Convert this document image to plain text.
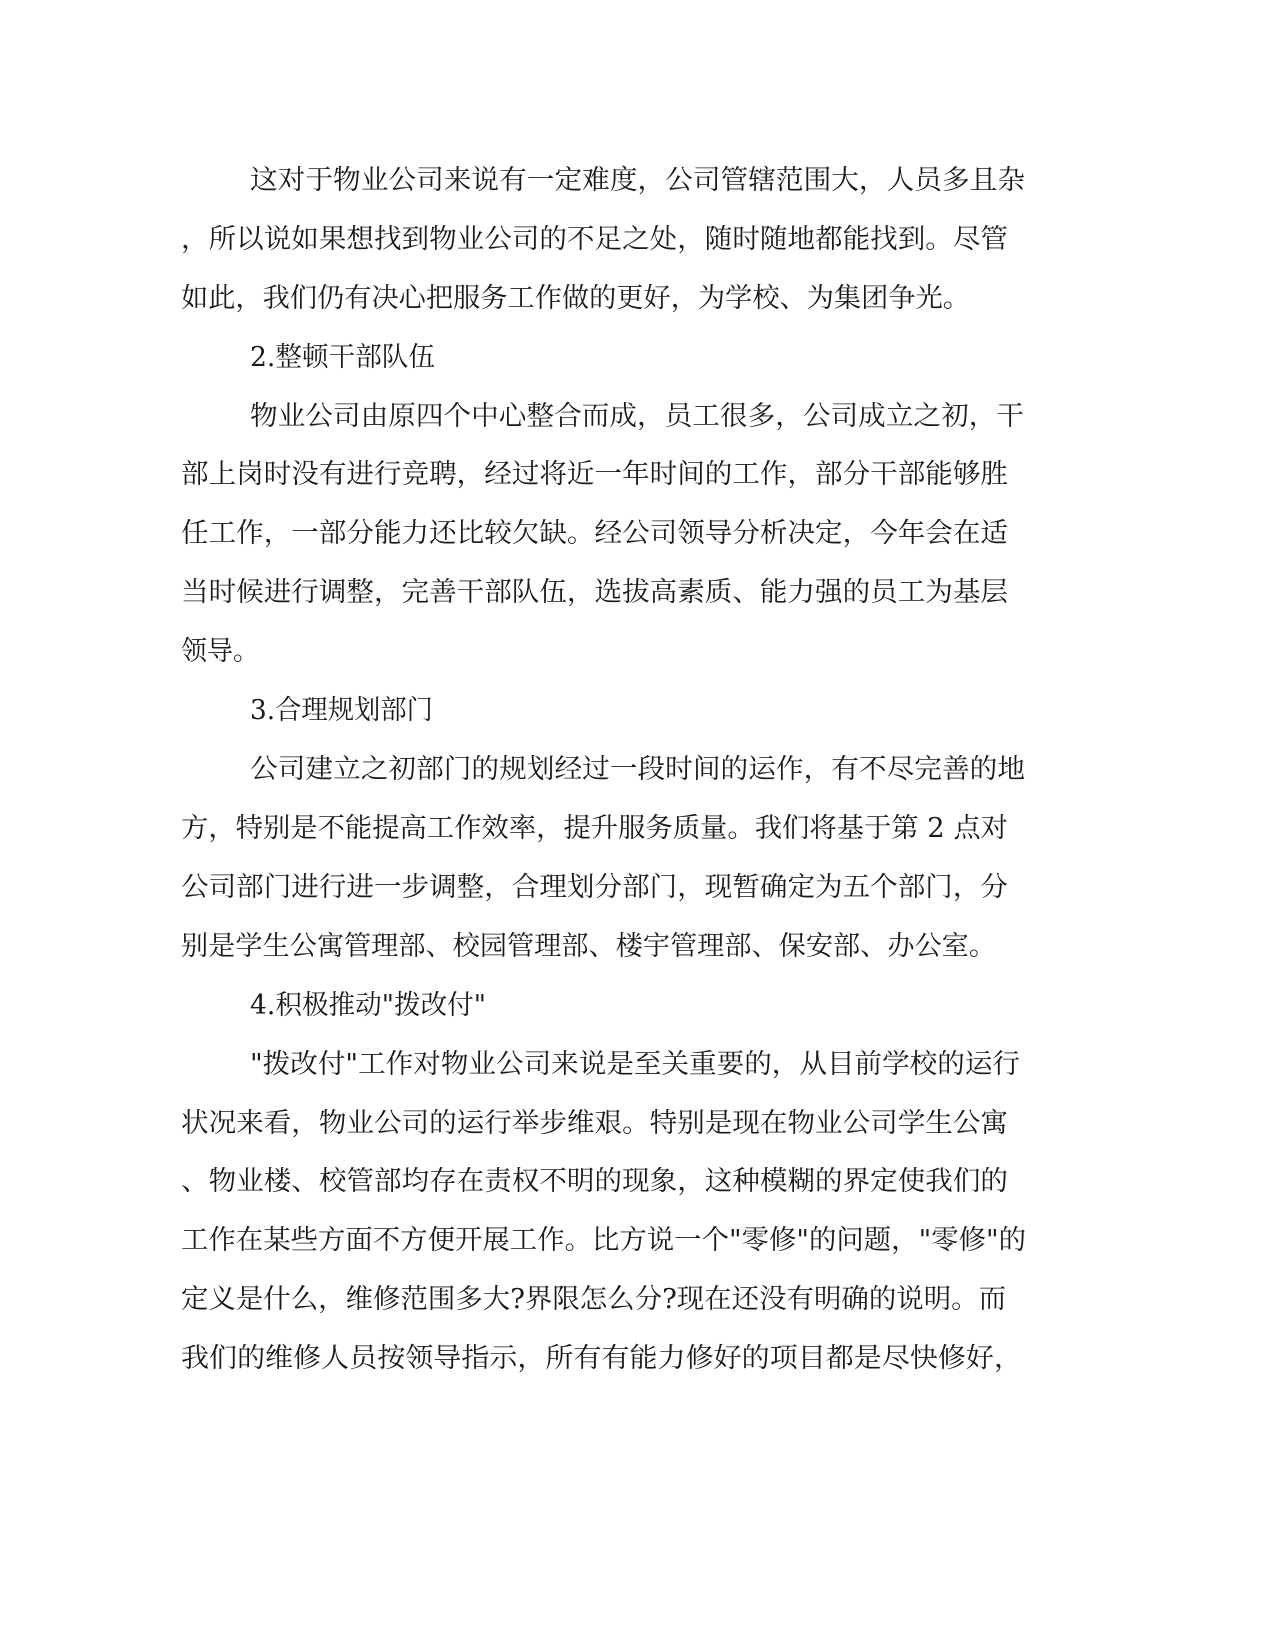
这对于物业公司来说有一定难度，公司管辖范围大，人员多且杂
，所以说如果想找到物业公司的不足之处，随时随地都能找到。尽管
如此，我们仍有决心把服务工作做的更好，为学校、为集团争光。
2.整顿干部队伍
物业公司由原四个中心整合而成，员工很多，公司成立之初，干
部上岗时没有进行竞聘，经过将近一年时间的工作，部分干部能够胜
任工作，一部分能力还比较欠缺。经公司领导分析决定，今年会在适
当时候进行调整，完善干部队伍，选拔高素质、能力强的员工为基层
领导。
3.合理规划部门
公司建立之初部门的规划经过一段时间的运作，有不尽完善的地
方，特别是不能提高工作效率，提升服务质量。我们将基于第 2 点对
公司部门进行进一步调整，合理划分部门，现暂确定为五个部门，分
别是学生公寓管理部、校园管理部、楼宇管理部、保安部、办公室。
4.积极推动"拨改付"
"拨改付"工作对物业公司来说是至关重要的，从目前学校的运行
状况来看，物业公司的运行举步维艰。特别是现在物业公司学生公寓
、物业楼、校管部均存在责权不明的现象，这种模糊的界定使我们的
工作在某些方面不方便开展工作。比方说一个"零修"的问题，"零修"的
定义是什么，维修范围多大?界限怎么分?现在还没有明确的说明。而
我们的维修人员按领导指示，所有有能力修好的项目都是尽快修好，
